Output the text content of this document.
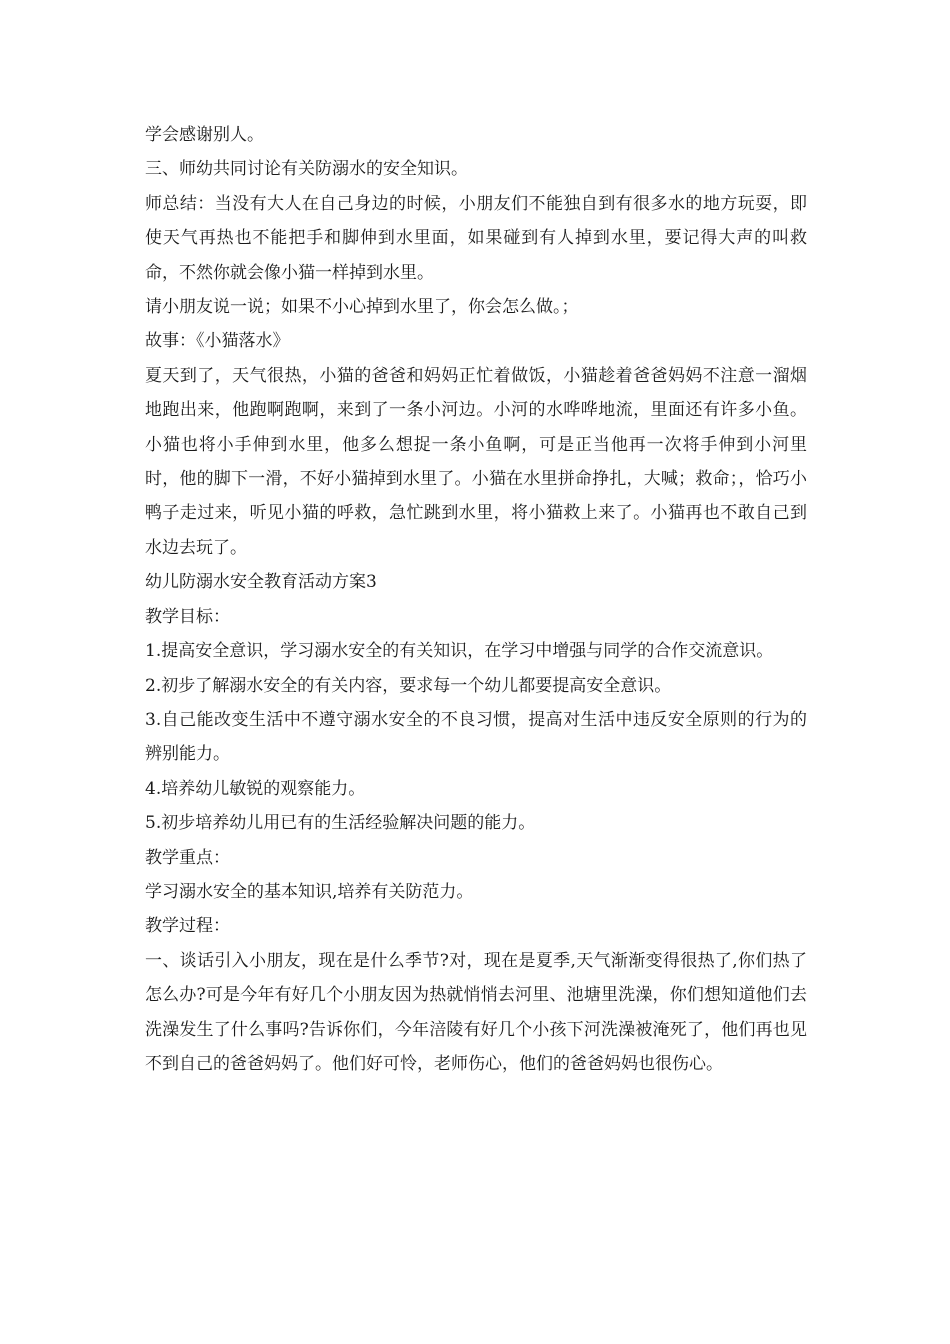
学会感谢别人。

三、师幼共同讨论有关防溺水的安全知识。

师总结：当没有大人在自己身边的时候，小朋友们不能独自到有很多水的地方玩耍，即使天气再热也不能把手和脚伸到水里面，如果碰到有人掉到水里，要记得大声的叫救命，不然你就会像小猫一样掉到水里。

请小朋友说一说；如果不小心掉到水里了，你会怎么做。；

故事：《小猫落水》

夏天到了，天气很热，小猫的爸爸和妈妈正忙着做饭，小猫趁着爸爸妈妈不注意一溜烟地跑出来，他跑啊跑啊，来到了一条小河边。小河的水哗哗地流，里面还有许多小鱼。小猫也将小手伸到水里，他多么想捉一条小鱼啊，可是正当他再一次将手伸到小河里时，他的脚下一滑，不好小猫掉到水里了。小猫在水里拼命挣扎，大喊；救命；，恰巧小鸭子走过来，听见小猫的呼救，急忙跳到水里，将小猫救上来了。小猫再也不敢自己到水边去玩了。

幼儿防溺水安全教育活动方案3

教学目标：

1.提高安全意识，学习溺水安全的有关知识，在学习中增强与同学的合作交流意识。

2.初步了解溺水安全的有关内容，要求每一个幼儿都要提高安全意识。

3.自己能改变生活中不遵守溺水安全的不良习惯，提高对生活中违反安全原则的行为的辨别能力。

4.培养幼儿敏锐的观察能力。

5.初步培养幼儿用已有的生活经验解决问题的能力。

教学重点：

学习溺水安全的基本知识,培养有关防范力。

教学过程：

一、谈话引入小朋友，现在是什么季节?对，现在是夏季,天气渐渐变得很热了,你们热了怎么办?可是今年有好几个小朋友因为热就悄悄去河里、池塘里洗澡，你们想知道他们去洗澡发生了什么事吗?告诉你们，今年涪陵有好几个小孩下河洗澡被淹死了，他们再也见不到自己的爸爸妈妈了。他们好可怜，老师伤心，他们的爸爸妈妈也很伤心。
